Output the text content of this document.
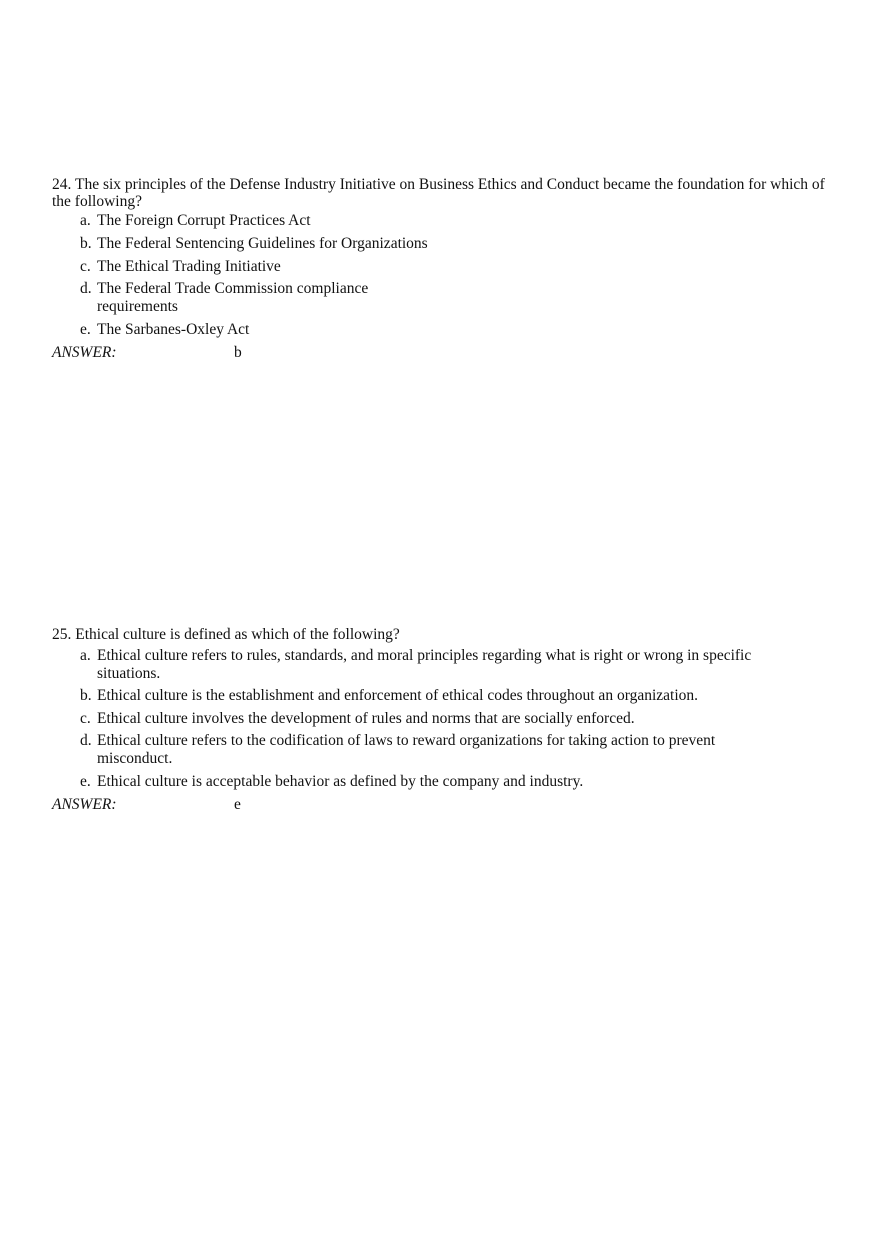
24. The six principles of the Defense Industry Initiative on Business Ethics and Conduct became the foundation for which of the following?
a. The Foreign Corrupt Practices Act
b. The Federal Sentencing Guidelines for Organizations
c. The Ethical Trading Initiative
d. The Federal Trade Commission compliance requirements
e. The Sarbanes-Oxley Act
ANSWER:	b
25. Ethical culture is defined as which of the following?
a. Ethical culture refers to rules, standards, and moral principles regarding what is right or wrong in specific situations.
b. Ethical culture is the establishment and enforcement of ethical codes throughout an organization.
c. Ethical culture involves the development of rules and norms that are socially enforced.
d. Ethical culture refers to the codification of laws to reward organizations for taking action to prevent misconduct.
e. Ethical culture is acceptable behavior as defined by the company and industry.
ANSWER:	e
